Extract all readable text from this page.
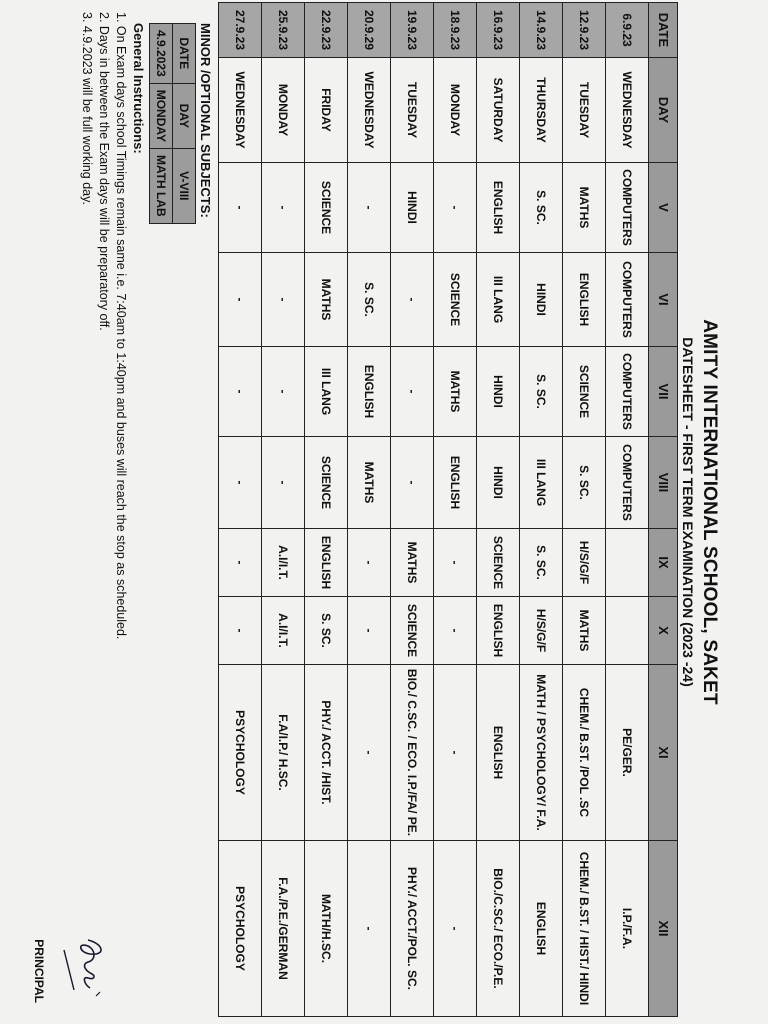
AMITY INTERNATIONAL SCHOOL, SAKET
DATESHEET - FIRST TERM EXAMINATION (2023 -24)
DATE	DAY	V	VI	VII	VIII	IX	X	XI	XII
6.9.23	WEDNESDAY	COMPUTERS	COMPUTERS	COMPUTERS	COMPUTERS			PE/GER.	I.P./F.A.
12.9.23	TUESDAY	MATHS	ENGLISH	SCIENCE	S. SC.	H/S/G/F	MATHS	CHEM./ B.ST. /POL .SC	CHEM./ B.ST. / HIST./ HINDI
14.9.23	THURSDAY	S. SC.	HINDI	S. SC.	III LANG	S. SC.	H/S/G/F	MATH / PSYCHOLOGY/ F.A.	ENGLISH
16.9.23	SATURDAY	ENGLISH	III LANG	HINDI	HINDI	SCIENCE	ENGLISH	ENGLISH	BIO./C.SC./ ECO./P.E.
18.9.23	MONDAY	-	SCIENCE	MATHS	ENGLISH	-	-	-	-
19.9.23	TUESDAY	HINDI	-	-	-	MATHS	SCIENCE	BIO./ C.SC. / ECO. I.P./FA/ PE.	PHY./ ACCT./POL. SC.
20.9.29	WEDNESDAY	-	S. SC.	ENGLISH	MATHS	-	-	-	-
22.9.23	FRIDAY	SCIENCE	MATHS	III LANG	SCIENCE	ENGLISH	S. SC.	PHY./ ACCT. /HIST.	MATH/H.SC.
25.9.23	MONDAY	-	-	-	-	A.I/I.T.	A.I/I.T.	F.A/I.P./ H.SC.	F.A./P.E./GERMAN
27.9.23	WEDNESDAY	-	-	-	-	-	-	PSYCHOLOGY	PSYCHOLOGY
MINOR /OPTIONAL SUBJECTS:
DATE	DAY	V-VIII
4.9.2023	MONDAY	MATH LAB
General Instructions:
1. On Exam days school Timings remain same i.e. 7:40am to 1:40pm and buses will reach the stop as scheduled.
2. Days in between the Exam days will be preparatory off.
3. 4.9.2023 will be full working day.
PRINCIPAL
